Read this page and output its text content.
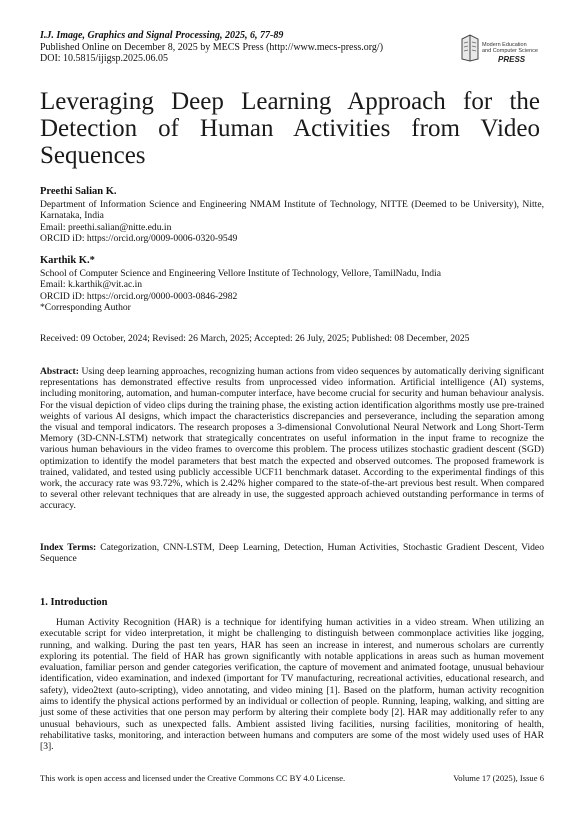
I.J. Image, Graphics and Signal Processing, 2025, 6, 77-89
Published Online on December 8, 2025 by MECS Press (http://www.mecs-press.org/)
DOI: 10.5815/ijigsp.2025.06.05
Modern Education
and Computer Science
PRESS
Leveraging Deep Learning Approach for the Detection of Human Activities from Video Sequences
Preethi Salian K.
Department of Information Science and Engineering NMAM Institute of Technology, NITTE (Deemed to be University), Nitte, Karnataka, India
Email: preethi.salian@nitte.edu.in
ORCID iD: https://orcid.org/0009-0006-0320-9549
Karthik K.*
School of Computer Science and Engineering Vellore Institute of Technology, Vellore, TamilNadu, India
Email: k.karthik@vit.ac.in
ORCID iD: https://orcid.org/0000-0003-0846-2982
*Corresponding Author
Received: 09 October, 2024; Revised: 26 March, 2025; Accepted: 26 July, 2025; Published: 08 December, 2025
Abstract: Using deep learning approaches, recognizing human actions from video sequences by automatically deriving significant representations has demonstrated effective results from unprocessed video information. Artificial intelligence (AI) systems, including monitoring, automation, and human-computer interface, have become crucial for security and human behaviour analysis. For the visual depiction of video clips during the training phase, the existing action identification algorithms mostly use pre-trained weights of various AI designs, which impact the characteristics discrepancies and perseverance, including the separation among the visual and temporal indicators. The research proposes a 3-dimensional Convolutional Neural Network and Long Short-Term Memory (3D-CNN-LSTM) network that strategically concentrates on useful information in the input frame to recognize the various human behaviours in the video frames to overcome this problem. The process utilizes stochastic gradient descent (SGD) optimization to identify the model parameters that best match the expected and observed outcomes. The proposed framework is trained, validated, and tested using publicly accessible UCF11 benchmark dataset. According to the experimental findings of this work, the accuracy rate was 93.72%, which is 2.42% higher compared to the state-of-the-art previous best result. When compared to several other relevant techniques that are already in use, the suggested approach achieved outstanding performance in terms of accuracy.
Index Terms: Categorization, CNN-LSTM, Deep Learning, Detection, Human Activities, Stochastic Gradient Descent, Video Sequence
1. Introduction
Human Activity Recognition (HAR) is a technique for identifying human activities in a video stream. When utilizing an executable script for video interpretation, it might be challenging to distinguish between commonplace activities like jogging, running, and walking. During the past ten years, HAR has seen an increase in interest, and numerous scholars are currently exploring its potential. The field of HAR has grown significantly with notable applications in areas such as human movement evaluation, familiar person and gender categories verification, the capture of movement and animated footage, unusual behaviour identification, video examination, and indexed (important for TV manufacturing, recreational activities, educational research, and safety), video2text (auto-scripting), video annotating, and video mining [1]. Based on the platform, human activity recognition aims to identify the physical actions performed by an individual or collection of people. Running, leaping, walking, and sitting are just some of these activities that one person may perform by altering their complete body [2]. HAR may additionally refer to any unusual behaviours, such as unexpected falls. Ambient assisted living facilities, nursing facilities, monitoring of health, rehabilitative tasks, monitoring, and interaction between humans and computers are some of the most widely used uses of HAR [3].
This work is open access and licensed under the Creative Commons CC BY 4.0 License.	Volume 17 (2025), Issue 6
